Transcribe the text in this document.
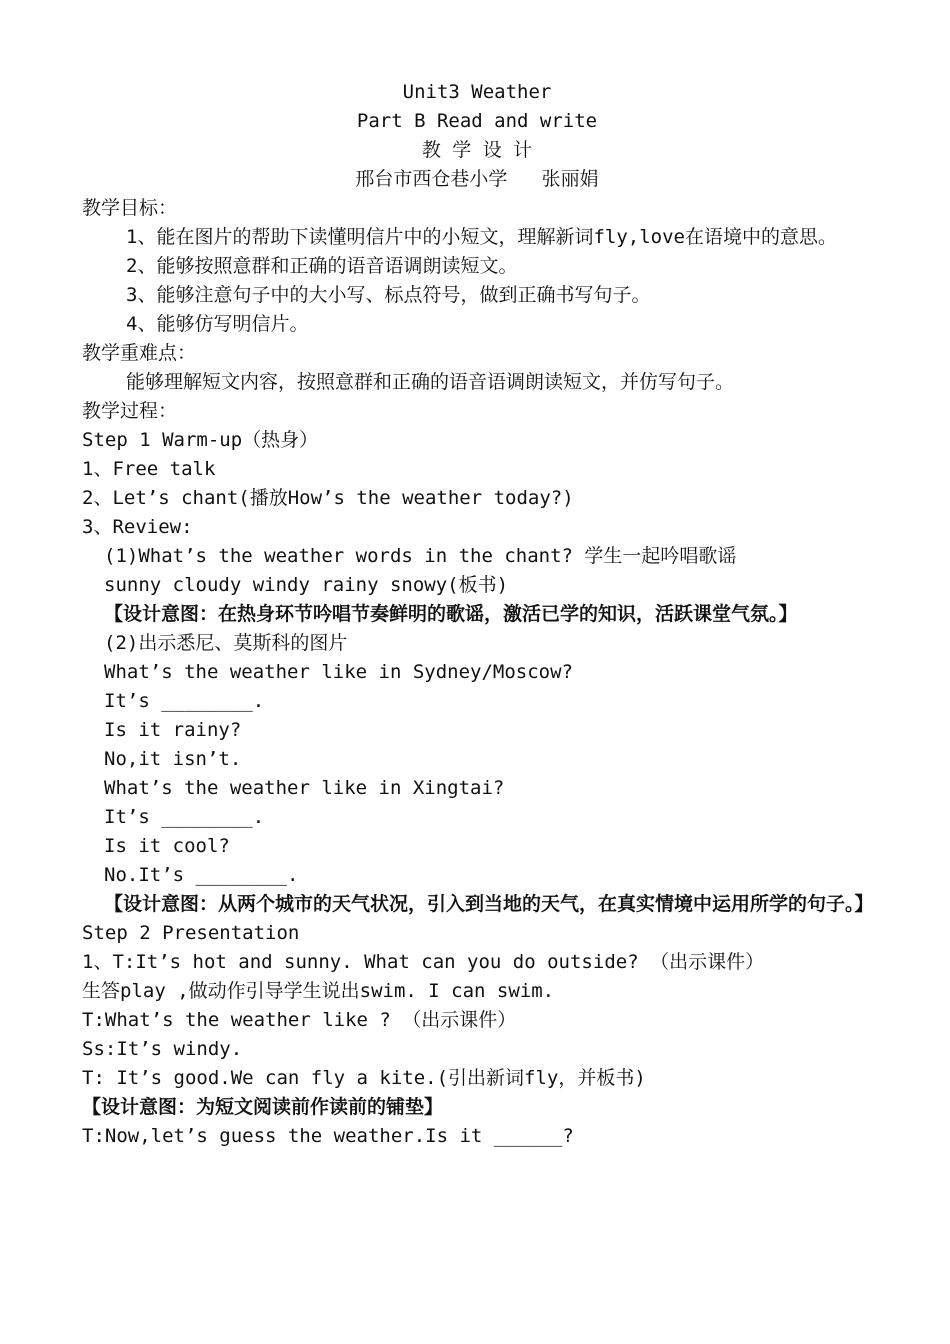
Unit3 Weather
Part B Read and write
教 学 设 计
邢台市西仓巷小学   张丽娟
教学目标：
1、能在图片的帮助下读懂明信片中的小短文，理解新词fly,love在语境中的意思。
2、能够按照意群和正确的语音语调朗读短文。
3、能够注意句子中的大小写、标点符号，做到正确书写句子。
4、能够仿写明信片。
教学重难点：
能够理解短文内容，按照意群和正确的语音语调朗读短文，并仿写句子。
教学过程：
Step 1 Warm-up（热身）
1、Free talk
2、Let’s chant(播放How’s the weather today?)
3、Review:
(1)What’s the weather words in the chant? 学生一起吟唱歌谣
sunny cloudy windy rainy snowy(板书)
【设计意图：在热身环节吟唱节奏鲜明的歌谣，激活已学的知识，活跃课堂气氛。】
(2)出示悉尼、莫斯科的图片
What’s the weather like in Sydney/Moscow?
It’s ________.
Is it rainy?
No,it isn’t.
What’s the weather like in Xingtai?
It’s ________.
Is it cool?
No.It’s ________.
【设计意图：从两个城市的天气状况，引入到当地的天气，在真实情境中运用所学的句子。】
Step 2 Presentation
1、T:It’s hot and sunny. What can you do outside? （出示课件）
生答play ,做动作引导学生说出swim. I can swim.
T:What’s the weather like ? （出示课件）
Ss:It’s windy.
T: It’s good.We can fly a kite.(引出新词fly，并板书)
【设计意图：为短文阅读前作读前的铺垫】
T:Now,let’s guess the weather.Is it ______?
